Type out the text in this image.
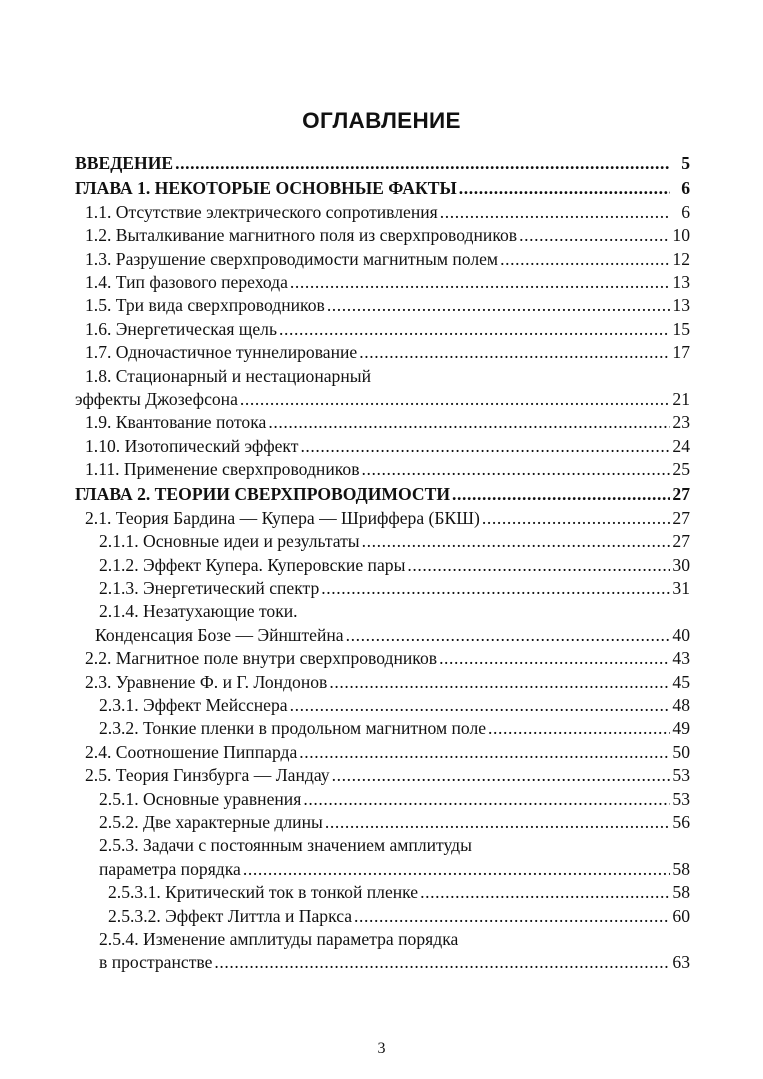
ОГЛАВЛЕНИЕ
ВВЕДЕНИЕ .....	5
ГЛАВА 1. НЕКОТОРЫЕ ОСНОВНЫЕ ФАКТЫ .....	6
1.1. Отсутствие электрического сопротивления .....	6
1.2. Выталкивание магнитного поля из сверхпроводников .....	10
1.3. Разрушение сверхпроводимости магнитным полем .....	12
1.4. Тип фазового перехода .....	13
1.5. Три вида сверхпроводников .....	13
1.6. Энергетическая щель .....	15
1.7. Одночастичное туннелирование .....	17
1.8. Стационарный и нестационарный
эффекты Джозефсона .....	21
1.9. Квантование потока .....	23
1.10. Изотопический эффект .....	24
1.11. Применение сверхпроводников .....	25
ГЛАВА 2. ТЕОРИИ СВЕРХПРОВОДИМОСТИ .....	27
2.1. Теория Бардина — Купера — Шриффера (БКШ) .....	27
2.1.1. Основные идеи и результаты .....	27
2.1.2. Эффект Купера. Куперовские пары .....	30
2.1.3. Энергетический спектр .....	31
2.1.4. Незатухающие токи.
Конденсация Бозе — Эйнштейна .....	40
2.2. Магнитное поле внутри сверхпроводников .....	43
2.3. Уравнение Ф. и Г. Лондонов .....	45
2.3.1. Эффект Мейсснера .....	48
2.3.2. Тонкие пленки в продольном магнитном поле .....	49
2.4. Соотношение Пиппарда .....	50
2.5. Теория Гинзбурга — Ландау .....	53
2.5.1. Основные уравнения .....	53
2.5.2. Две характерные длины .....	56
2.5.3. Задачи с постоянным значением амплитуды
параметра порядка .....	58
2.5.3.1. Критический ток в тонкой пленке .....	58
2.5.3.2. Эффект Литтла и Паркса .....	60
2.5.4. Изменение амплитуды параметра порядка
в пространстве .....	63
3
